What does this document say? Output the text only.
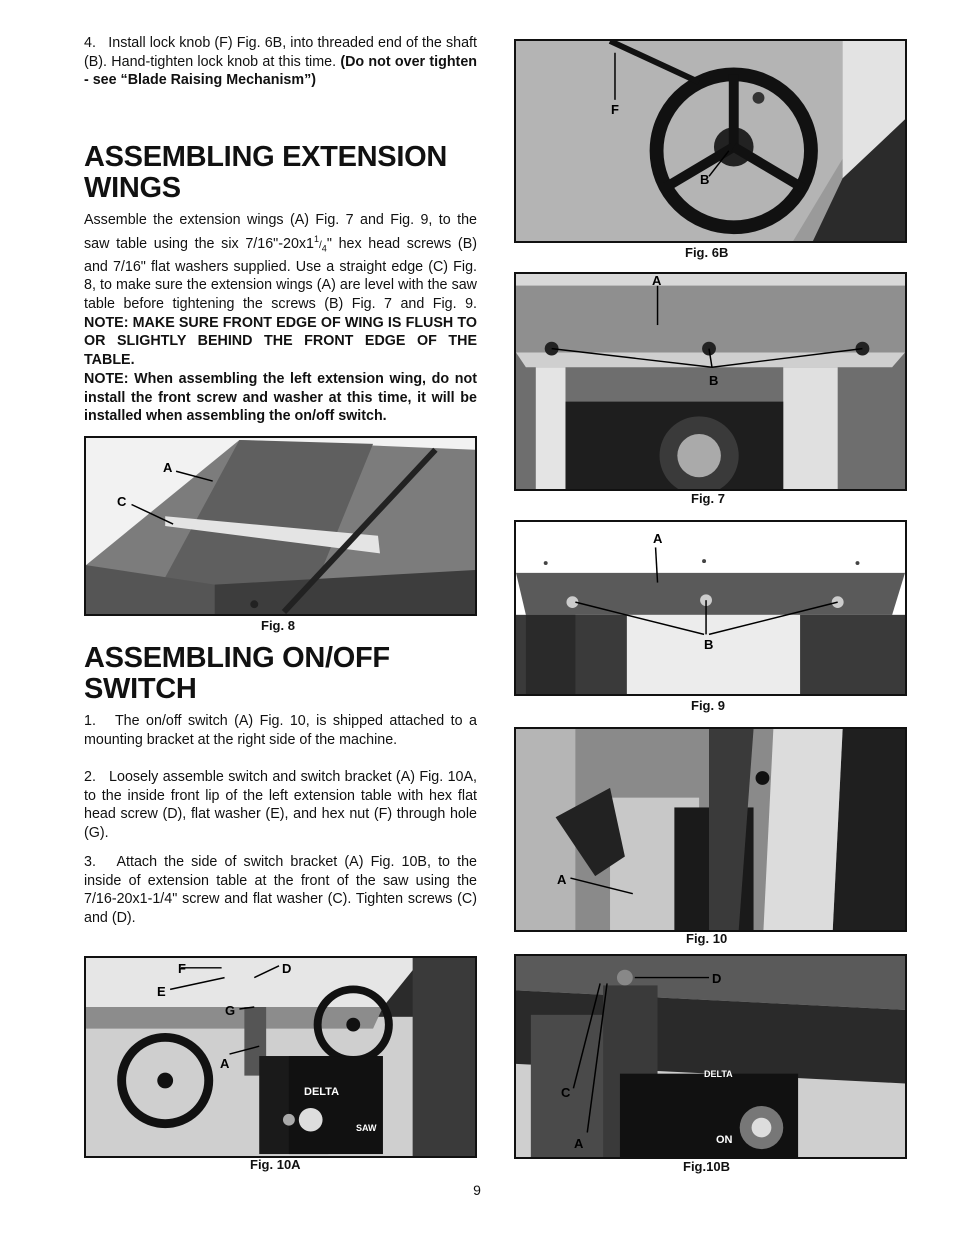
4.   Install lock knob (F) Fig. 6B, into threaded end of the shaft (B). Hand-tighten lock knob at this time. (Do not over tighten - see “Blade Raising Mechanism”)

ASSEMBLING EXTENSION
WINGS

Assemble the extension wings (A) Fig. 7 and Fig. 9, to the saw table using the six $7/16"-20x1^1/_4$" hex head screws (B) and 7/16" flat washers supplied. Use a straight edge (C) Fig. 8, to make sure the extension wings (A) are level with the saw table before tightening the screws (B) Fig. 7 and Fig. 9. NOTE: MAKE SURE FRONT EDGE OF WING IS FLUSH TO OR SLIGHTLY BEHIND THE FRONT EDGE OF THE TABLE.

NOTE: When assembling the left extension wing, do not install the front screw and washer at this time, it will be installed when assembling the on/off switch.

A
C

Fig. 8

ASSEMBLING ON/OFF
SWITCH

1.   The on/off switch (A) Fig. 10, is shipped attached to a mounting bracket at the right side of the machine.

2.   Loosely assemble switch and switch bracket (A) Fig. 10A, to the inside front lip of the left extension table with hex flat head screw (D), flat washer (E), and hex nut (F) through hole (G).

3.   Attach the side of switch bracket (A) Fig. 10B, to the inside of extension table at the front of the saw using the 7/16-20x1-1/4" screw and flat washer (C). Tighten screws (C) and (D).

DELTA
SAW
F	D
E
G
A

Fig. 10A

F
B

Fig. 6B

A
B

Fig. 7

A
B

Fig. 9

A

Fig. 10

DELTA
ON
D
C
A

Fig.10B

9
